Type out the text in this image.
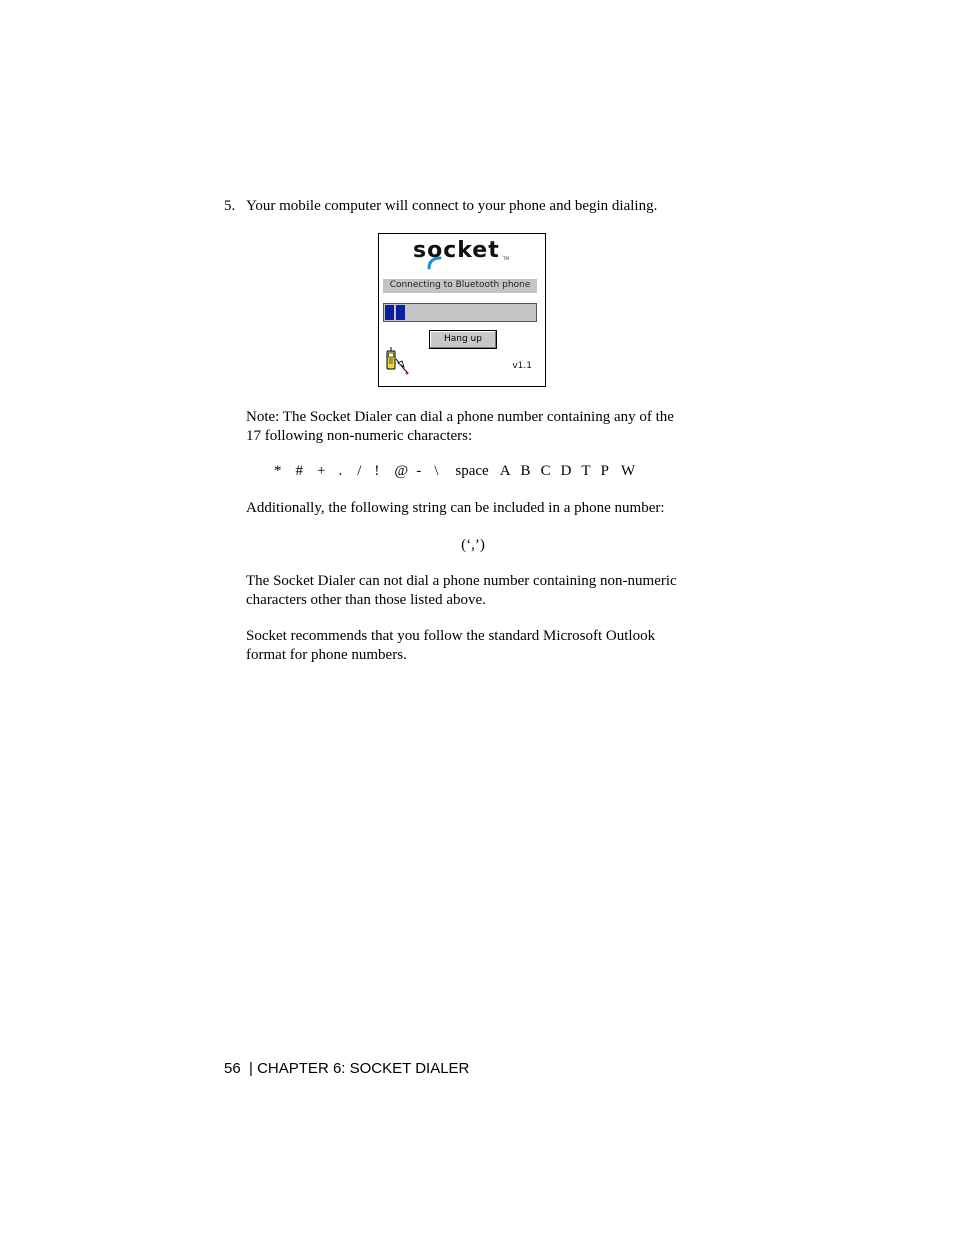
5. Your mobile computer will connect to your phone and begin dialing.
socket TM
Connecting to Bluetooth phone
Hang up
v1.1
Note: The Socket Dialer can dial a phone number containing any of the
17 following non-numeric characters:
* # + . / ! @ - \ space A B C D T P W
Additionally, the following string can be included in a phone number:
(‘,’)
The Socket Dialer can not dial a phone number containing non-numeric
characters other than those listed above.
Socket recommends that you follow the standard Microsoft Outlook
format for phone numbers.
56 | CHAPTER 6: SOCKET DIALER
